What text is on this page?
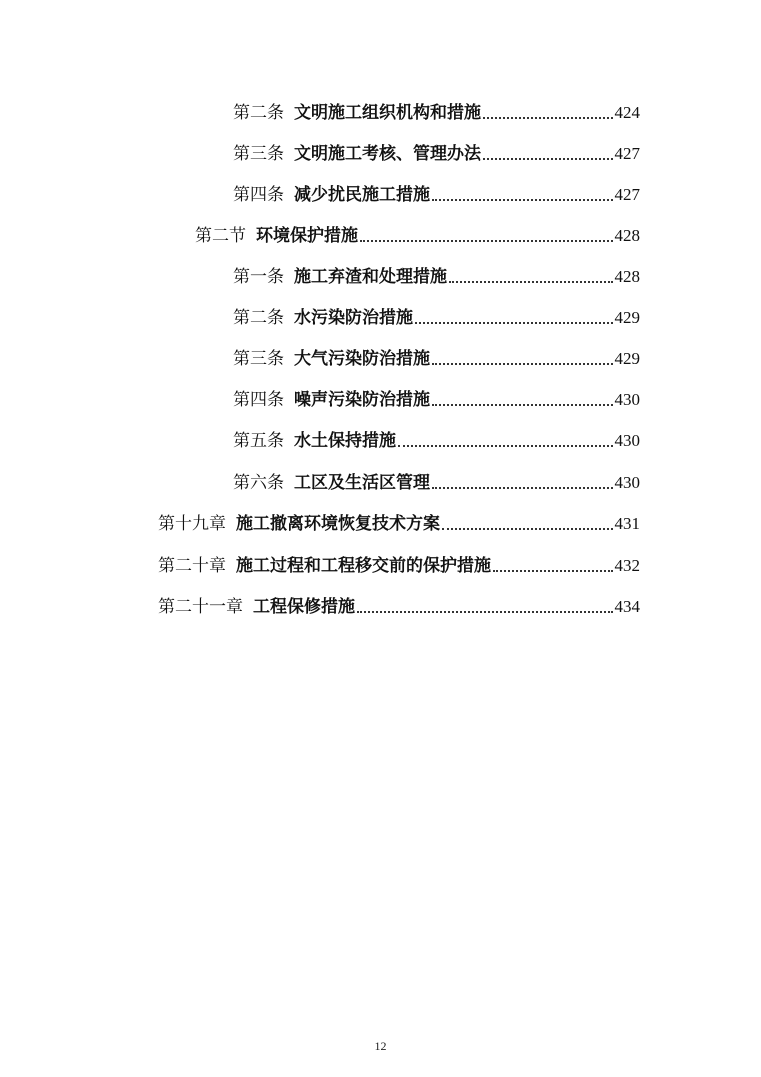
第二条 文明施工组织机构和措施	424
第三条 文明施工考核、管理办法	427
第四条 减少扰民施工措施	427
第二节 环境保护措施	428
第一条 施工弃渣和处理措施	428
第二条 水污染防治措施	429
第三条 大气污染防治措施	429
第四条 噪声污染防治措施	430
第五条 水土保持措施	430
第六条 工区及生活区管理	430
第十九章 施工撤离环境恢复技术方案	431
第二十章 施工过程和工程移交前的保护措施	432
第二十一章 工程保修措施	434
12
